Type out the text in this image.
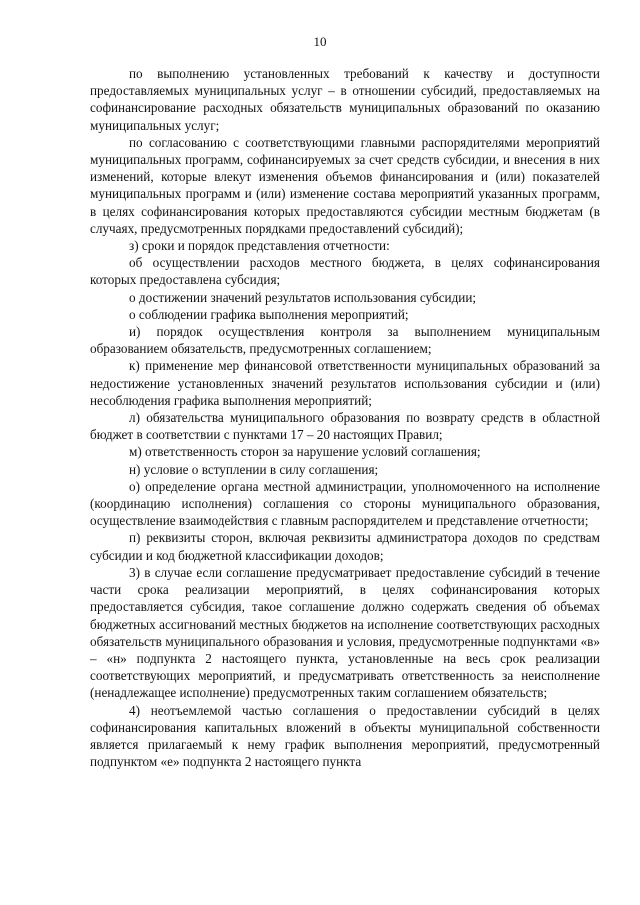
10

по выполнению установленных требований к качеству и доступности предоставляемых муниципальных услуг – в отношении субсидий, предоставляемых на софинансирование расходных обязательств муниципальных образований по оказанию муниципальных услуг;

по согласованию с соответствующими главными распорядителями мероприятий муниципальных программ, софинансируемых за счет средств субсидии, и внесения в них изменений, которые влекут изменения объемов финансирования и (или) показателей муниципальных программ и (или) изменение состава мероприятий указанных программ, в целях софинансирования которых предоставляются субсидии местным бюджетам (в случаях, предусмотренных порядками предоставлений субсидий);

з) сроки и порядок представления отчетности:

об осуществлении расходов местного бюджета, в целях софинансирования которых предоставлена субсидия;

о достижении значений результатов использования субсидии;

о соблюдении графика выполнения мероприятий;

и) порядок осуществления контроля за выполнением муниципальным образованием обязательств, предусмотренных соглашением;

к) применение мер финансовой ответственности муниципальных образований за недостижение установленных значений результатов использования субсидии и (или) несоблюдения графика выполнения мероприятий;

л) обязательства муниципального образования по возврату средств в областной бюджет в соответствии с пунктами 17 – 20 настоящих Правил;

м) ответственность сторон за нарушение условий соглашения;

н) условие о вступлении в силу соглашения;

о) определение органа местной администрации, уполномоченного на исполнение (координацию исполнения) соглашения со стороны муниципального образования, осуществление взаимодействия с главным распорядителем и представление отчетности;

п) реквизиты сторон, включая реквизиты администратора доходов по средствам субсидии и код бюджетной классификации доходов;

3) в случае если соглашение предусматривает предоставление субсидий в течение части срока реализации мероприятий, в целях софинансирования которых предоставляется субсидия, такое соглашение должно содержать сведения об объемах бюджетных ассигнований местных бюджетов на исполнение соответствующих расходных обязательств муниципального образования и условия, предусмотренные подпунктами «в» – «н» подпункта 2 настоящего пункта, установленные на весь срок реализации соответствующих мероприятий, и предусматривать ответственность за неисполнение (ненадлежащее исполнение) предусмотренных таким соглашением обязательств;

4) неотъемлемой частью соглашения о предоставлении субсидий в целях софинансирования капитальных вложений в объекты муниципальной собственности является прилагаемый к нему график выполнения мероприятий, предусмотренный подпунктом «е» подпункта 2 настоящего пункта
